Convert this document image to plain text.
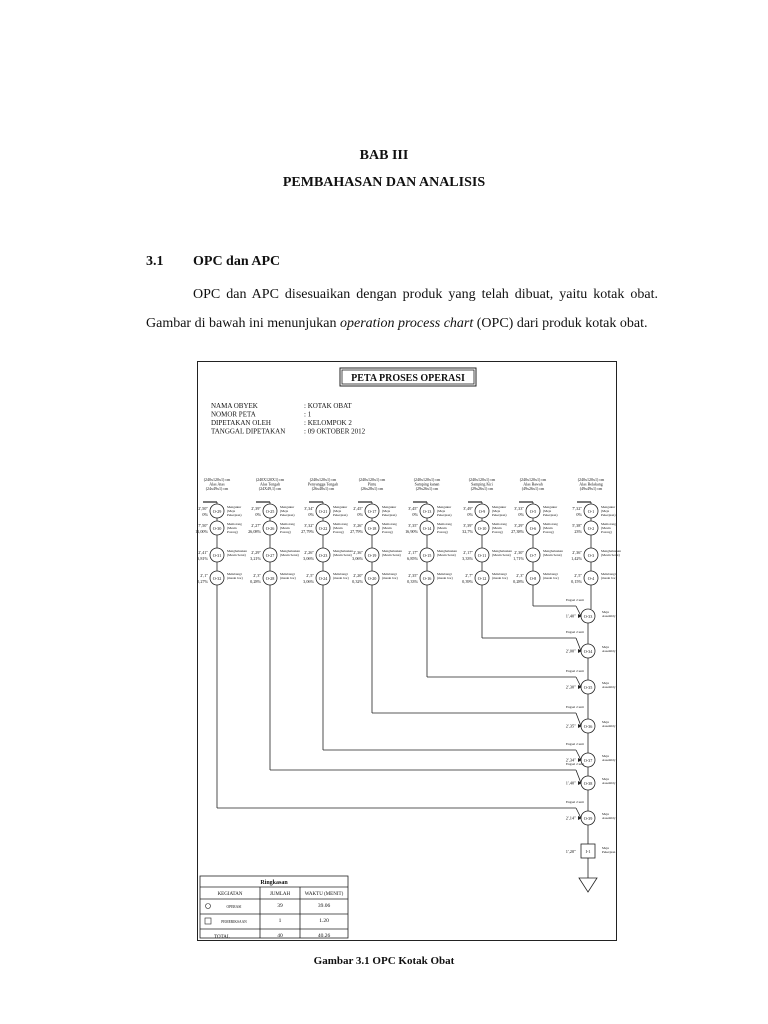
BAB III
PEMBAHASAN DAN ANALISIS
3.1 OPC dan APC

OPC dan APC disesuaikan dengan produk yang telah dibuat, yaitu kotak obat. Gambar di bawah ini menunjukan operation process chart (OPC) dari produk kotak obat.

PETA PROSES OPERASI
NAMA OBYEK	: KOTAK OBAT
NOMOR PETA	: 1
DIPETAKAN OLEH	: KELOMPOK 2
TANGGAL DIPETAKAN	: 09 OKTOBER 2012
(240x120x1) cm Alas Atas (24x49x1) cm
O-29
2',50"
0%
Mengukur (Meja Pekerjaan)
O-30
7',50"
11,00%
Memotong (Mesin Potong)
O-31
2',41"
3,81%
Menghaluskan (Mesin Serut)
O-32
2',1"
0,27%
Melubangi (mesin bor)
(240X120X1) cm Alas Tengah (24X49,1) cm
O-25
2',39"
0%
Mengukur (Meja Pekerjaan)
O-26
2',27"
26,08%
Memotong (Mesin Potong)
O-27
2',29"
3,21%
Menghaluskan (Mesin Serut)
O-28
2',3"
0,28%
Melubangi (mesin bor)
(240x120x1) cm Penyangga Tengah (26x48x1) cm
O-21
3',34"
0%
Mengukur (Meja Pekerjaan)
O-22
3',32"
27,79%
Memotong (Mesin Potong)
O-23
2',26"
3,06%
Menghaluskan (Mesin Serut)
O-24
2',5"
3,06%
Melubangi (mesin bor)
(240x120x1) cm Pintu (26x28x1) cm
O-17
2',45"
0%
Mengukur (Meja Pekerjaan)
O-18
3',26"
27,79%
Memotong (Mesin Potong)
O-19
2',36"
3,06%
Menghaluskan (Mesin Serut)
O-20
2',20"
0,32%
Melubangi (mesin bor)
(240x120x1) cm Samping kanan (29x26x1) cm
O-13
3',45"
0%
Mengukur (Meja Pekerjaan)
O-14
3',35"
16,90%
Memotong (Mesin Potong)
O-15
2',17"
6,85%
Menghaluskan (Mesin Serut)
O-16
2',35"
0,33%
Melubangi (mesin bor)
(240x120x1) cm Samping Kiri (29x26x1) cm
O-9
3',49"
0%
Mengukur (Meja Pekerjaan)
O-10
3',39"
32,7%
Memotong (Mesin Potong)
O-11
2',17"
3,33%
Menghaluskan (Mesin Serut)
O-12
2',7"
0,39%
Melubangi (mesin bor)
(240x120x1) cm Alas Bawah (49x26x1) cm
O-5
3',33"
0%
Mengukur (Meja Pekerjaan)
O-6
3',29"
27,38%
Memotong (Mesin Potong)
O-7
2',30"
1,71%
Menghaluskan (Mesin Serut)
O-8
2',3"
0,28%
Melubangi (mesin bor)
(240x120x1) cm Alas Belakang (49x49x1) cm
O-1
7',32"
0%
Mengukur (Meja Pekerjaan)
O-2
5',38"
23%
Memotong (Mesin Potong)
O-3
2',36"
1,42%
Menghaluskan (Mesin Serut)
O-4
2',5"
0,15%
Melubangi (mesin bor)
Engsel 2 unit
O-33
1',40"
Meja Assembly
Engsel 2 unit
O-34
2',00"
Meja Assembly
Engsel 2 unit
O-35
2',30"
Meja Assembly
Engsel 2 unit
O-36
2',35"
Meja Assembly
Engsel 2 unit
O-37
2',34"
Meja Assembly
Engsel 2 unit
O-38
1',40"
Meja Assembly
Engsel 2 unit
O-39
2',14"
Meja Assembly
I-1
1',20"
Meja Pekerjaan
Ringkasan
KEGIATAN	JUMLAH	WAKTU (MENIT)
OPERASI	39	39.06
PEMERIKSAAN	1	1.20
TOTAL	40	40.26
Gambar 3.1 OPC Kotak Obat
